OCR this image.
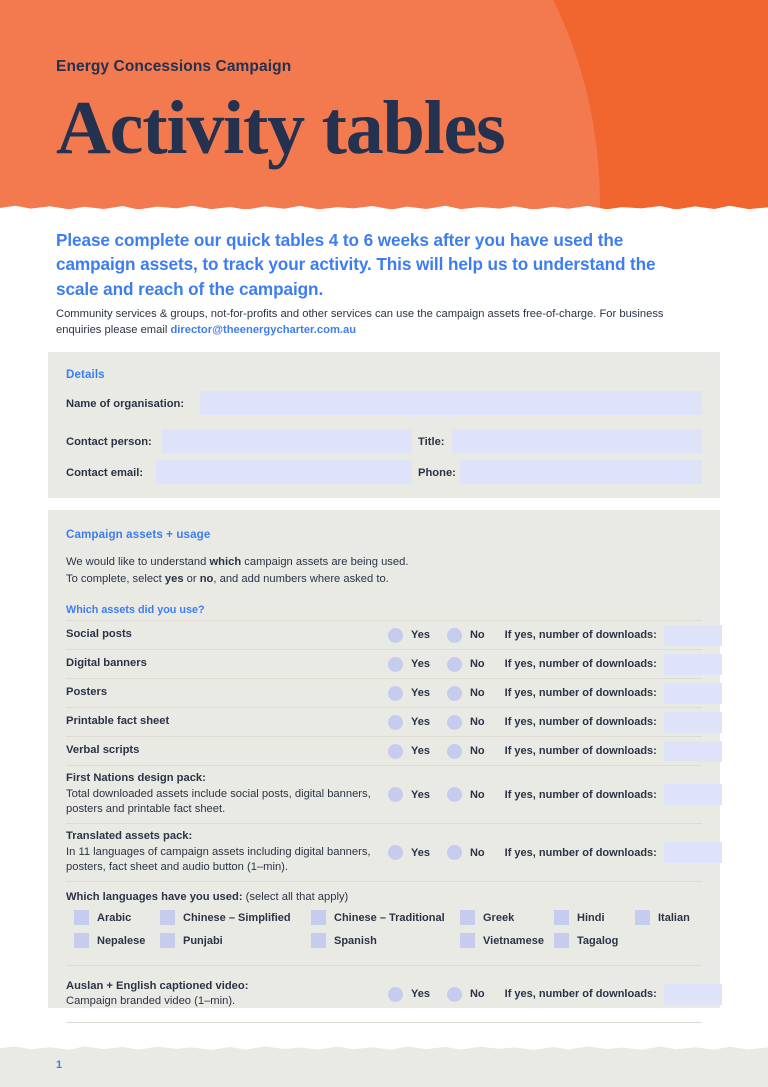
Energy Concessions Campaign
Activity tables
Please complete our quick tables 4 to 6 weeks after you have used the campaign assets, to track your activity. This will help us to understand the scale and reach of the campaign.
Community services & groups, not-for-profits and other services can use the campaign assets free-of-charge. For business enquiries please email director@theenergycharter.com.au
Details
Name of organisation:
Contact person:	Title:
Contact email:	Phone:
Campaign assets + usage
We would like to understand which campaign assets are being used.
To complete, select yes or no, and add numbers where asked to.
Which assets did you use?
Social posts	Yes	No If yes, number of downloads:
Digital banners	Yes	No If yes, number of downloads:
Posters	Yes	No If yes, number of downloads:
Printable fact sheet	Yes	No If yes, number of downloads:
Verbal scripts	Yes	No If yes, number of downloads:
First Nations design pack:
Total downloaded assets include social posts, digital banners, posters and printable fact sheet.
Yes	No If yes, number of downloads:
Translated assets pack:
In 11 languages of campaign assets including digital banners, posters, fact sheet and audio button (1–min).
Yes	No If yes, number of downloads:
Which languages have you used: (select all that apply)
Arabic	Chinese – Simplified	Chinese – Traditional	Greek	Hindi	Italian
Nepalese	Punjabi	Spanish	Vietnamese	Tagalog
Auslan + English captioned video:
Campaign branded video (1–min).
Yes	No If yes, number of downloads:
1
